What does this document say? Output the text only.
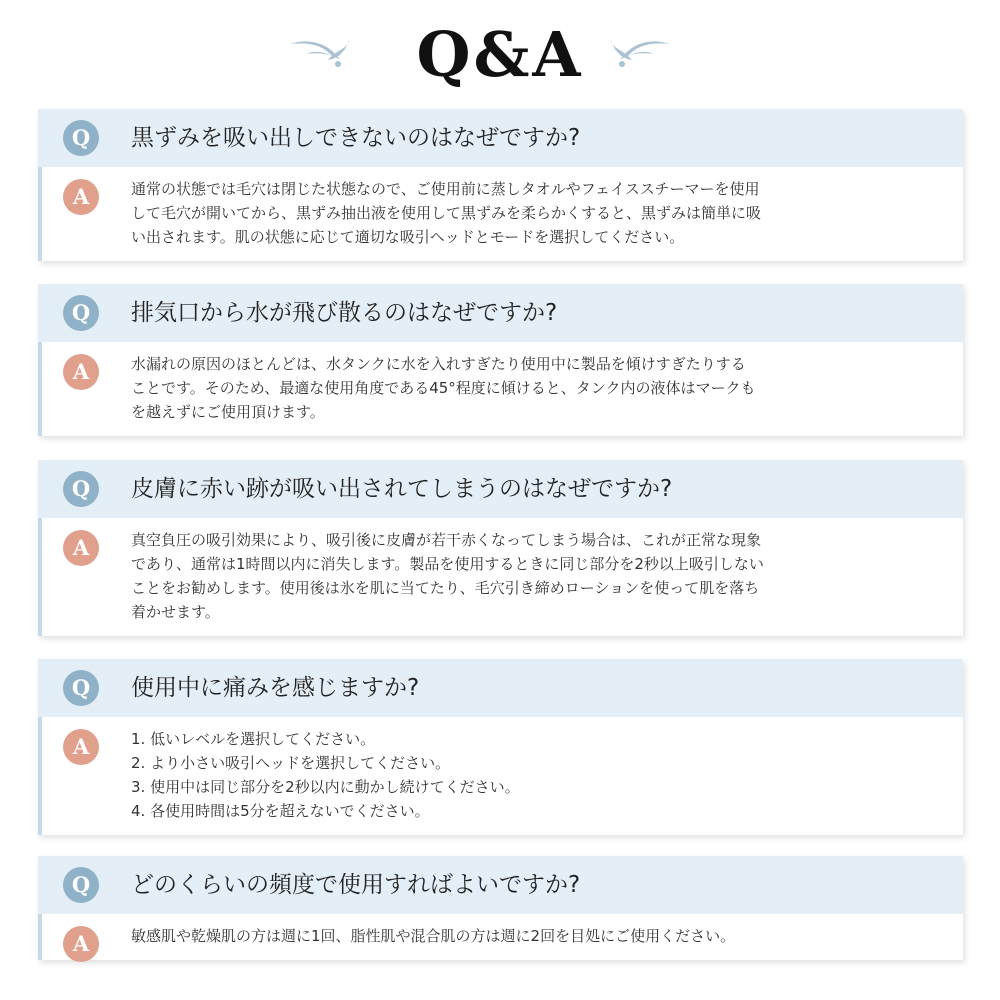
Q&A
Q	黒ずみを吸い出しできないのはなぜですか?
A	通常の状態では毛穴は閉じた状態なので、ご使用前に蒸しタオルやフェイススチーマーを使用
して毛穴が開いてから、黒ずみ抽出液を使用して黒ずみを柔らかくすると、黒ずみは簡単に吸
い出されます。肌の状態に応じて適切な吸引ヘッドとモードを選択してください。
Q	排気口から水が飛び散るのはなぜですか?
A	水漏れの原因のほとんどは、水タンクに水を入れすぎたり使用中に製品を傾けすぎたりする
ことです。そのため、最適な使用角度である45°程度に傾けると、タンク内の液体はマークも
を越えずにご使用頂けます。
Q	皮膚に赤い跡が吸い出されてしまうのはなぜですか?
A	真空負圧の吸引効果により、吸引後に皮膚が若干赤くなってしまう場合は、これが正常な現象
であり、通常は1時間以内に消失します。製品を使用するときに同じ部分を2秒以上吸引しない
ことをお勧めします。使用後は氷を肌に当てたり、毛穴引き締めローションを使って肌を落ち
着かせます。
Q	使用中に痛みを感じますか?
A	1. 低いレベルを選択してください。
2. より小さい吸引ヘッドを選択してください。
3. 使用中は同じ部分を2秒以内に動かし続けてください。
4. 各使用時間は5分を超えないでください。
Q	どのくらいの頻度で使用すればよいですか?
A	敏感肌や乾燥肌の方は週に1回、脂性肌や混合肌の方は週に2回を目処にご使用ください。
